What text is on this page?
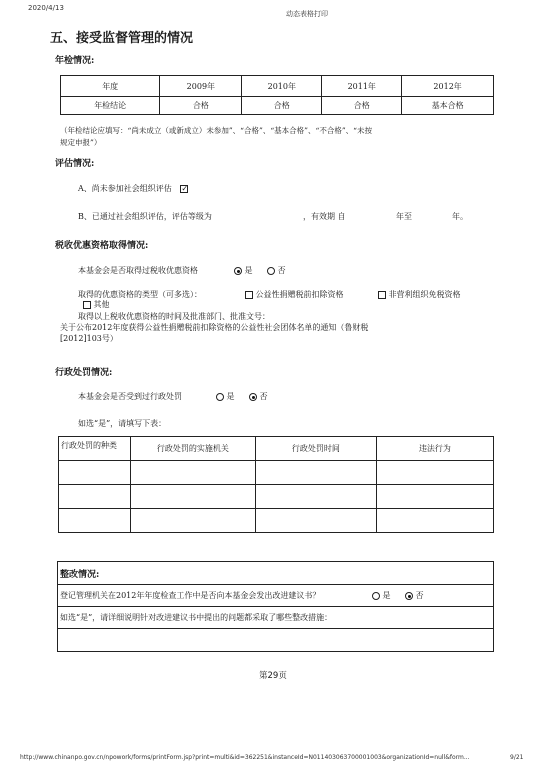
2020/4/13
动态表格打印
五、接受监督管理的情况
年检情况:
年度	2009年	2010年	2011年	2012年
年检结论	合格	合格	合格	基本合格
（年检结论应填写：“尚未成立（或新成立）未参加”、“合格”、“基本合格”、“不合格”、“未按
规定申报”）
评估情况:
A、尚未参加社会组织评估 ✓
B、已通过社会组织评估，评估等级为	，有效期 自	年至	年。
税收优惠资格取得情况:
本基金会是否取得过税收优惠资格	是	否
取得的优惠资格的类型（可多选）：	公益性捐赠税前扣除资格	非营利组织免税资格
其他
取得以上税收优惠资格的时间及批准部门、批准文号：
关于公布2012年度获得公益性捐赠税前扣除资格的公益性社会团体名单的通知（鲁财税
[2012]103号）
行政处罚情况:
本基金会是否受到过行政处罚	是	否
如选“是”，请填写下表：
行政处罚的种类	行政处罚的实施机关	行政处罚时间	违法行为

整改情况:
登记管理机关在2012年年度检查工作中是否向本基金会发出改进建议书？	是	否
如选“是”，请详细说明针对改进建议书中提出的问题都采取了哪些整改措施：
第29页
http://www.chinanpo.gov.cn/npowork/forms/printForm.jsp?print=multi&id=362251&instanceId=N011403063700001003&organizationId=null&form...	9/21
